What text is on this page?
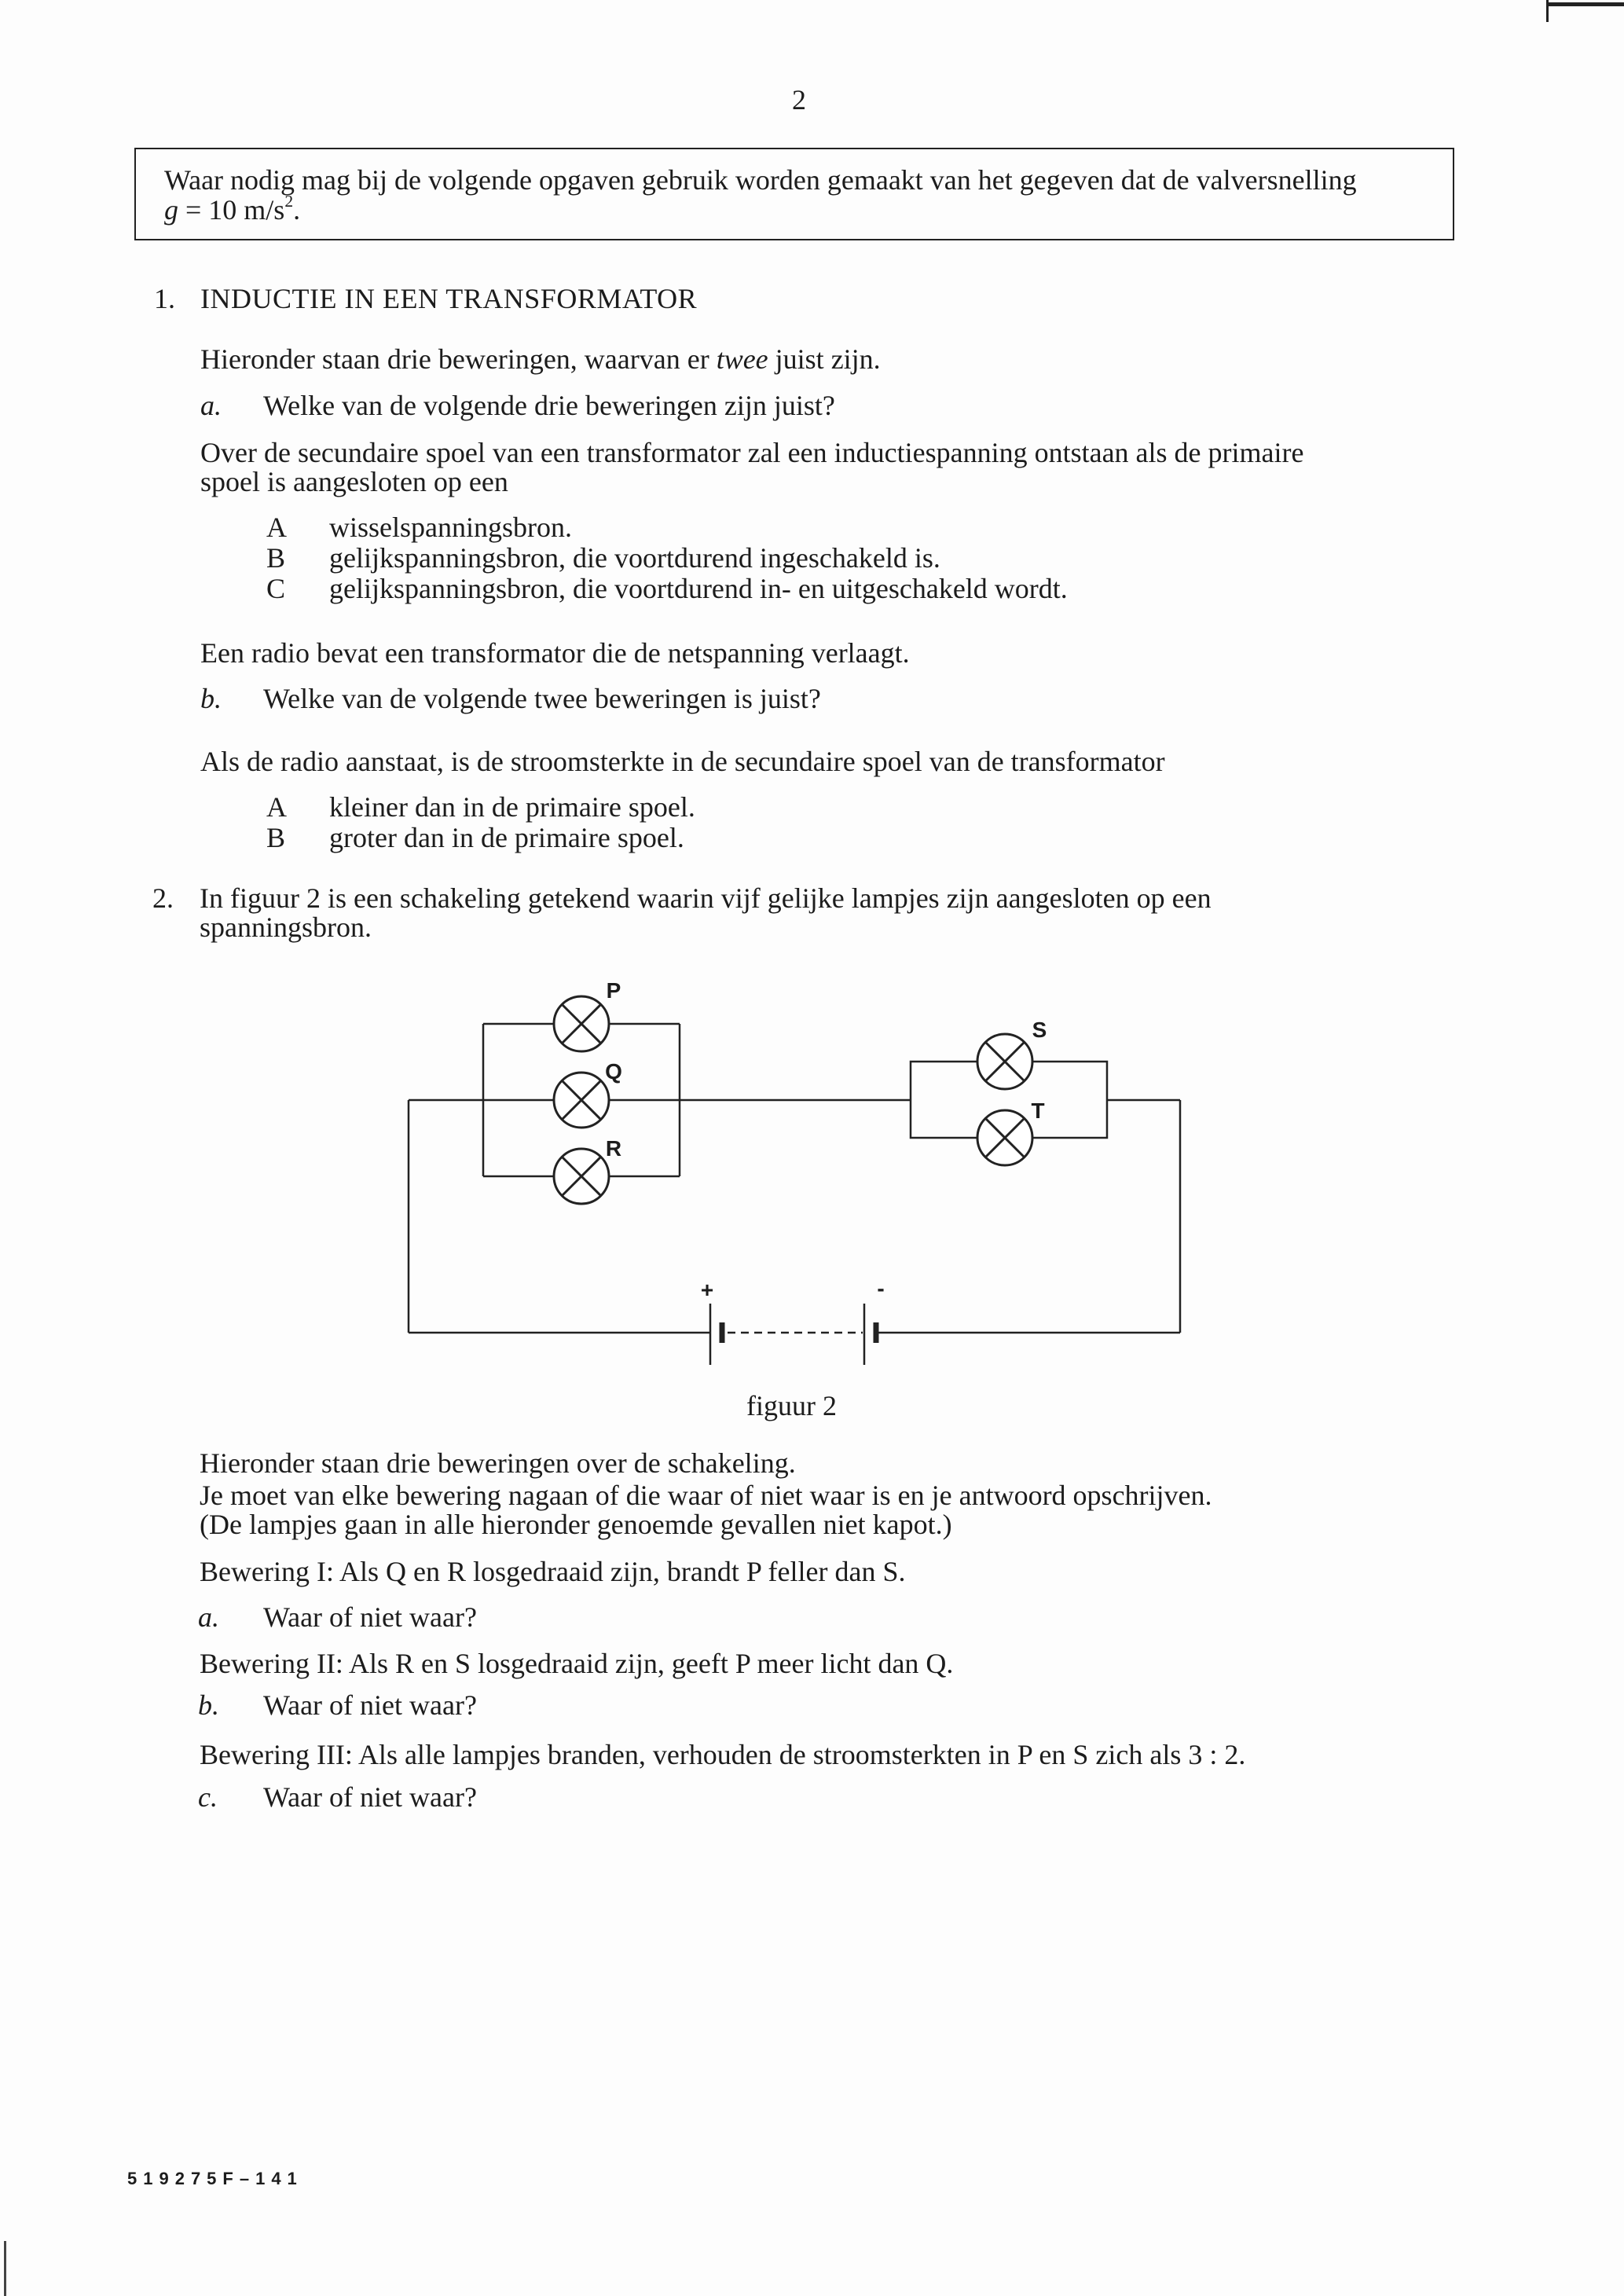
2
Waar nodig mag bij de volgende opgaven gebruik worden gemaakt van het gegeven dat de valversnelling
g = 10 $m/s^2$.
1. INDUCTIE IN EEN TRANSFORMATOR
Hieronder staan drie beweringen, waarvan er twee juist zijn.
a. Welke van de volgende drie beweringen zijn juist?
Over de secundaire spoel van een transformator zal een inductiespanning ontstaan als de primaire
spoel is aangesloten op een
A wisselspanningsbron.
B gelijkspanningsbron, die voortdurend ingeschakeld is.
C gelijkspanningsbron, die voortdurend in- en uitgeschakeld wordt.
Een radio bevat een transformator die de netspanning verlaagt.
b. Welke van de volgende twee beweringen is juist?
Als de radio aanstaat, is de stroomsterkte in de secundaire spoel van de transformator
A kleiner dan in de primaire spoel.
B groter dan in de primaire spoel.
2. In figuur 2 is een schakeling getekend waarin vijf gelijke lampjes zijn aangesloten op een
spanningsbron.
P
Q
R
S
T
+	-
figuur 2
Hieronder staan drie beweringen over de schakeling.
Je moet van elke bewering nagaan of die waar of niet waar is en je antwoord opschrijven.
(De lampjes gaan in alle hieronder genoemde gevallen niet kapot.)
Bewering I: Als Q en R losgedraaid zijn, brandt P feller dan S.
a. Waar of niet waar?
Bewering II: Als R en S losgedraaid zijn, geeft P meer licht dan Q.
b. Waar of niet waar?
Bewering III: Als alle lampjes branden, verhouden de stroomsterkten in P en S zich als 3 : 2.
c. Waar of niet waar?
519275F–141
